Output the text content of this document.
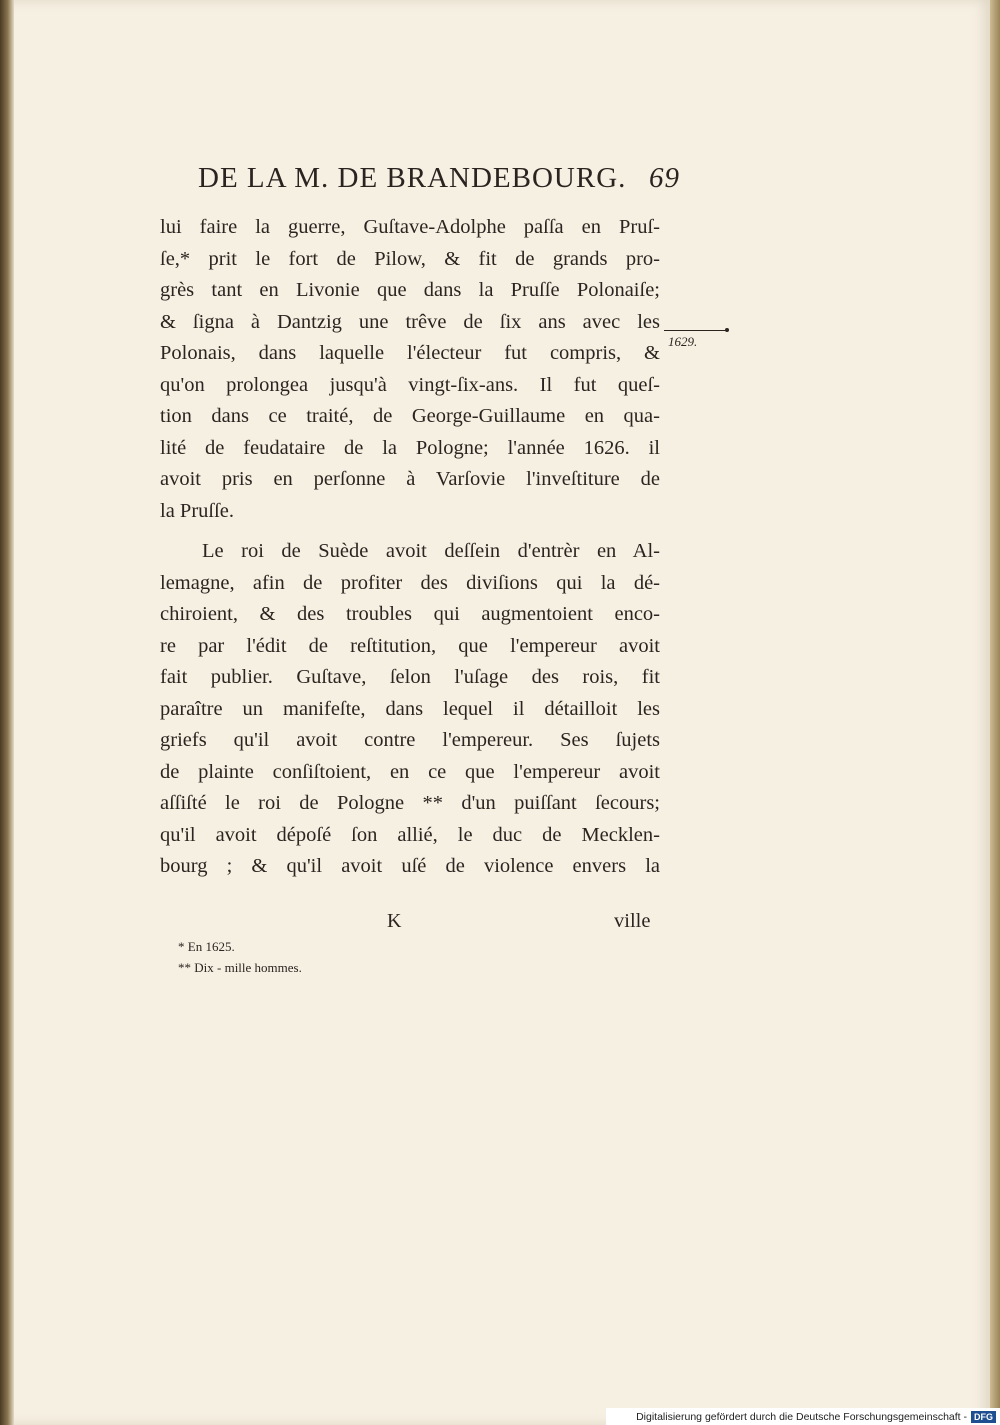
DE LA M. DE BRANDEBOURG. 69
lui faire la guerre, Guſtave-Adolphe paſſa en Pruſ-
ſe,* prit le fort de Pilow, & fit de grands pro-
grès tant en Livonie que dans la Pruſſe Polonaiſe;
& ſigna à Dantzig une trêve de ſix ans avec les
Polonais, dans laquelle l'électeur fut compris, &
qu'on prolongea jusqu'à vingt-ſix-ans. Il fut queſ-
tion dans ce traité, de George-Guillaume en qua-
lité de feudataire de la Pologne; l'année 1626. il
avoit pris en perſonne à Varſovie l'inveſtiture de
la Pruſſe.
Le roi de Suède avoit deſſein d'entrèr en Al-
lemagne, afin de profiter des diviſions qui la dé-
chiroient, & des troubles qui augmentoient enco-
re par l'édit de reſtitution, que l'empereur avoit
fait publier. Guſtave, ſelon l'uſage des rois, fit
paraître un manifeſte, dans lequel il détailloit les
griefs qu'il avoit contre l'empereur. Ses ſujets
de plainte conſiſtoient, en ce que l'empereur avoit
aſſiſté le roi de Pologne ** d'un puiſſant ſecours;
qu'il avoit dépoſé ſon allié, le duc de Mecklen-
bourg ; & qu'il avoit uſé de violence envers la
1629.
K	ville
* En 1625.
** Dix - mille hommes.
Digitalisierung gefördert durch die Deutsche Forschungsgemeinschaft - DFG
